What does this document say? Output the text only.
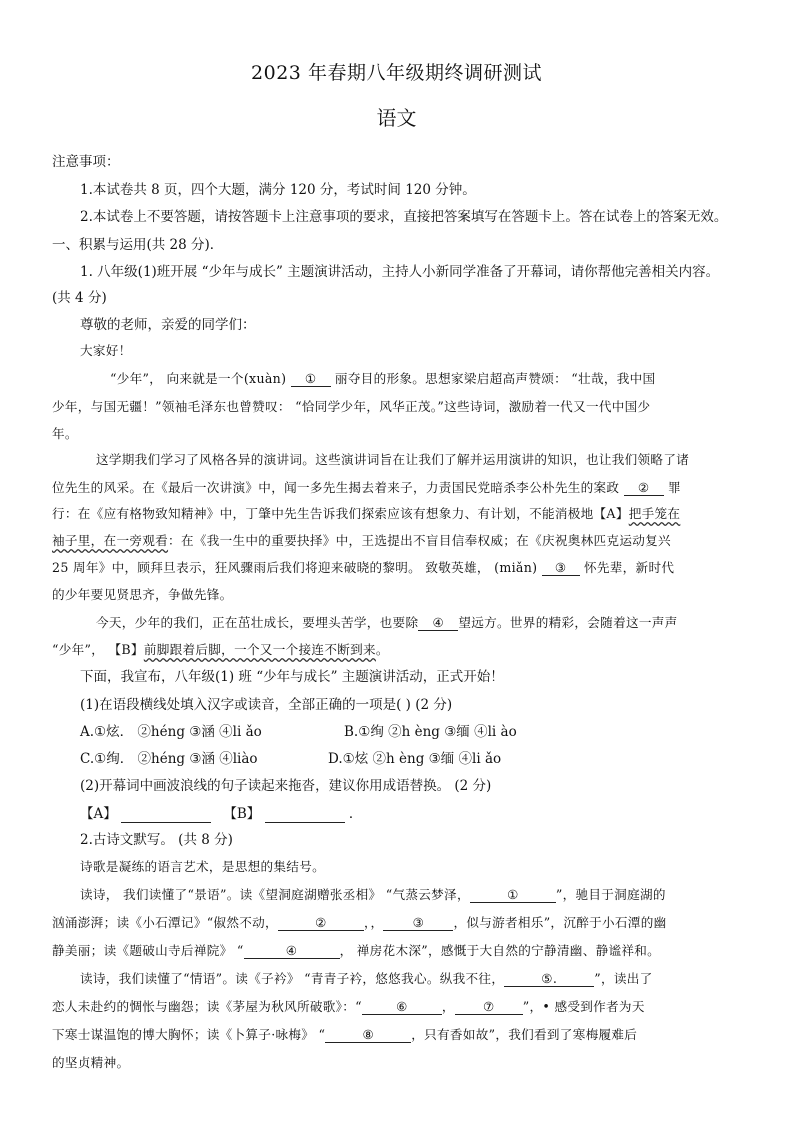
2023 年春期八年级期终调研测试
语文
注意事项：
1.本试卷共 8 页，四个大题，满分 120 分，考试时间 120 分钟。
2.本试卷上不要答题，请按答题卡上注意事项的要求，直接把答案填写在答题卡上。答在试卷上的答案无效。
一、积累与运用(共 28 分)．
1. 八年级(1)班开展 “少年与成长” 主题演讲活动，主持人小新同学准备了开幕词，请你帮他完善相关内容。
(共 4 分)
尊敬的老师，亲爱的同学们：
大家好！
“少年”， 向来就是一个(xuàn) ① 丽夺目的形象。思想家梁启超高声赞颂： “壮哉，我中国
少年，与国无疆！”领袖毛泽东也曾赞叹： “恰同学少年，风华正茂。”这些诗词，激励着一代又一代中国少
年。
这学期我们学习了风格各异的演讲词。这些演讲词旨在让我们了解并运用演讲的知识，也让我们领略了诸
位先生的风采。在《最后一次讲演》中，闻一多先生揭去着来子，力责国民党暗杀李公朴先生的案政 ② 罪
行：在《应有格物致知精神》中，丁肇中先生告诉我们探索应该有想象力、有计划，不能消极地【A】把手笼在
袖子里，在一旁观看：在《我一生中的重要抉择》中，王选提出不盲目信奉权威；在《庆祝奥林匹克运动复兴
25 周年》中，顾拜旦表示，狂风骤雨后我们将迎来破晓的黎明。 致敬英雄， (miǎn) ③ 怀先辈，新时代
的少年要见贤思齐，争做先锋。
今天，少年的我们，正在茁壮成长，要埋头苦学，也要除 ④ 望远方。世界的精彩，会随着这一声声
“少年”， 【B】前脚跟着后脚，一个又一个接连不断到来。
下面，我宣布，八年级(1) 班 “少年与成长” 主题演讲活动，正式开始！
(1)在语段横线处填入汉字或读音，全部正确的一项是( ) (2 分)
A.①炫． ②héng ③涵 ④li ǎo	B.①绚 ②h èng ③缅 ④li ào
C.①绚． ②héng ③涵 ④liào	D.①炫 ②h èng ③缅 ④li ǎo
(2)开幕词中画波浪线的句子读起来拖沓，建议你用成语替换。 (2 分)
【A】	【B】	．
2.古诗文默写。 (共 8 分)
诗歌是凝练的语言艺术，是思想的集结号。
读诗， 我们读懂了“景语”。读《望洞庭湖赠张丞相》 “气蒸云梦泽，	①	”，驰目于洞庭湖的
汹涌澎湃；读《小石潭记》“俶然不动，	②	，， ③ ，似与游者相乐”，沉醉于小石潭的幽
静美丽；读《题破山寺后禅院》 “	④	， 禅房花木深”，感慨于大自然的宁静清幽、静谧祥和。
读诗，我们读懂了“情语”。读《子衿》 “青青子衿，悠悠我心。纵我不往，	⑤.	”，读出了
恋人未赴约的惆怅与幽怨；读《茅屋为秋风所破歌》：“	⑥	， ⑦ ”，• 感受到作者为天
下寒士谋温饱的博大胸怀；读《卜算子·咏梅》 “	⑧	，只有香如故”，我们看到了寒梅履难后
的坚贞精神。
